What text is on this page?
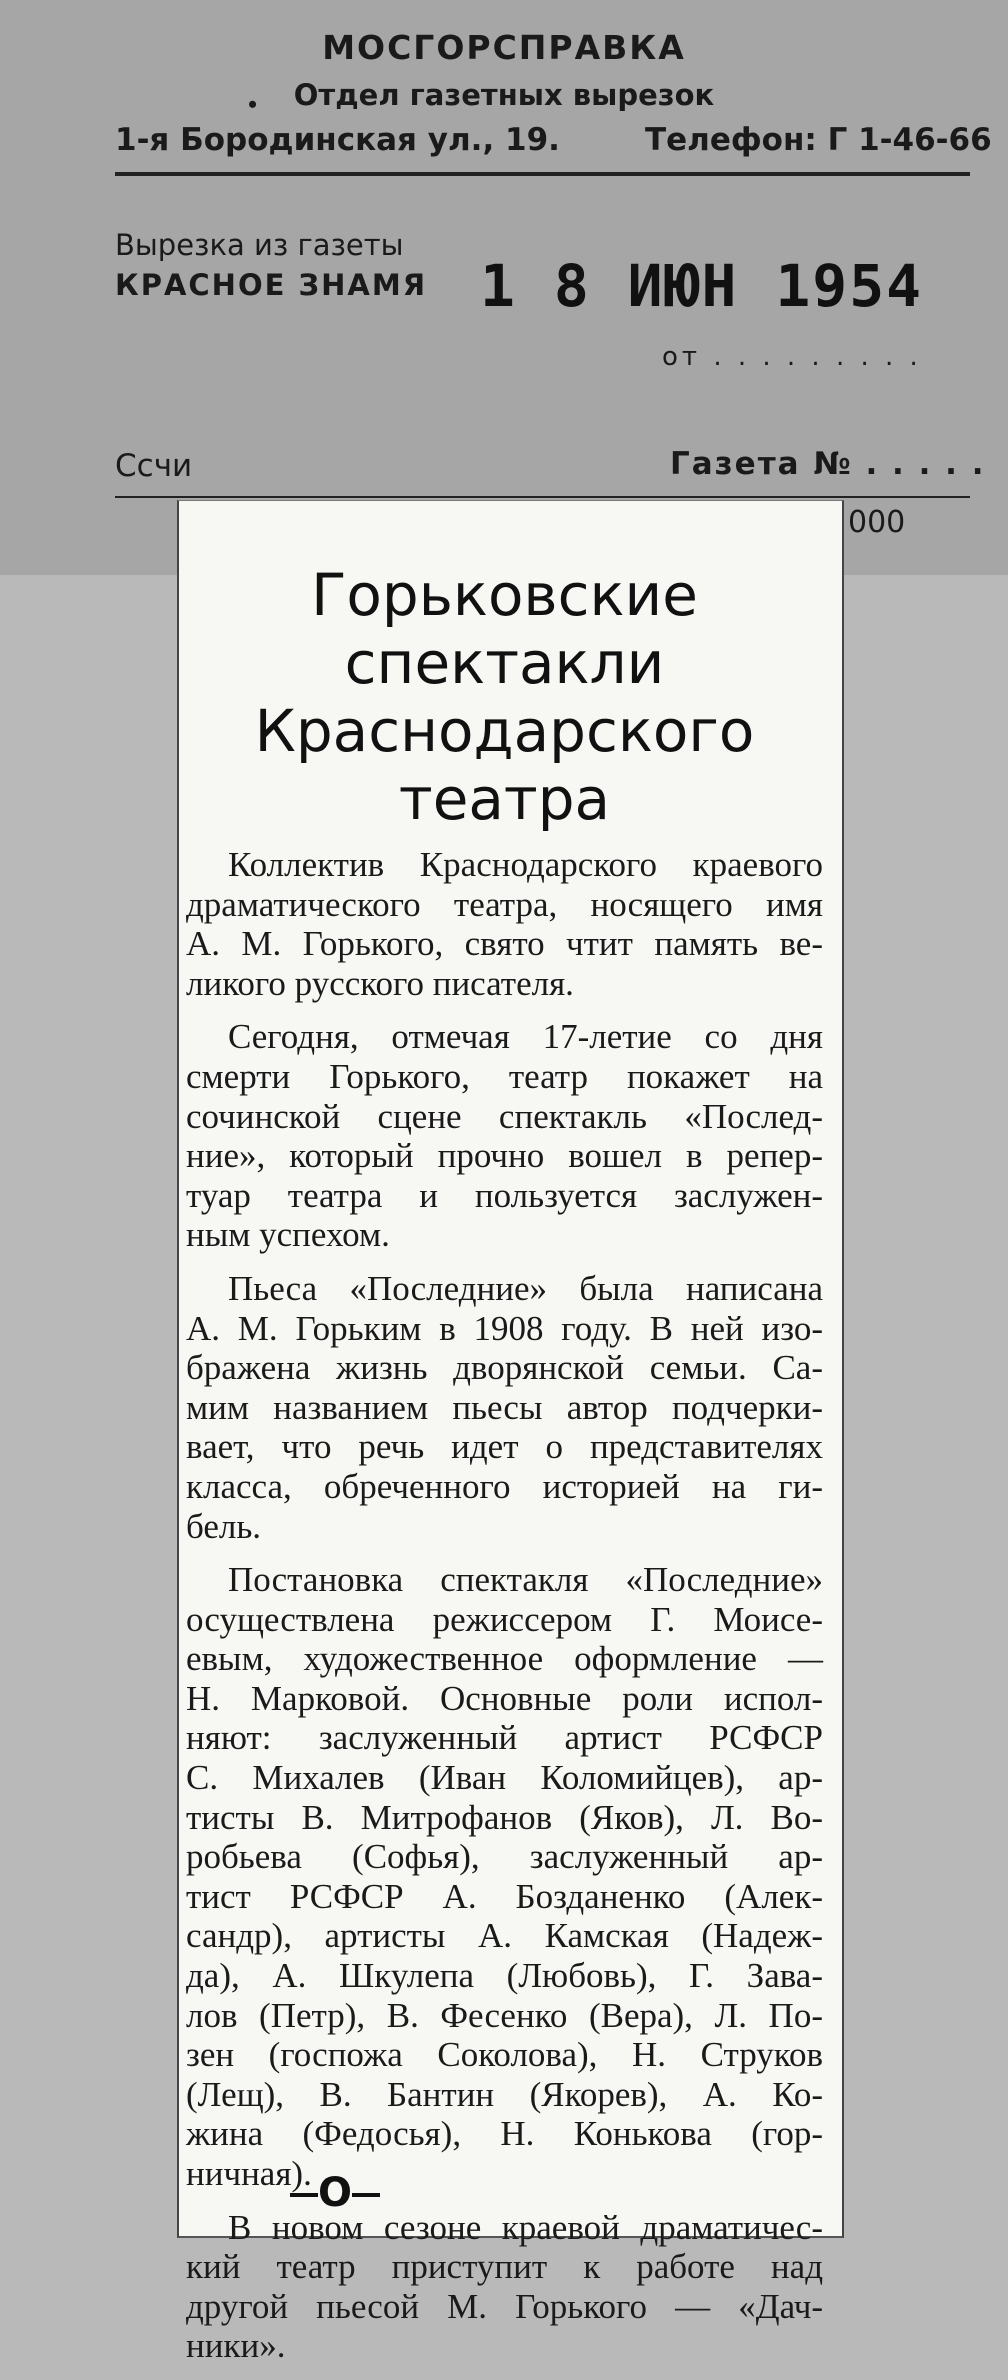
МОСГОРСПРАВКА
•	Отдел газетных вырезок
1-я Бородинская ул., 19.	Телефон: Г 1-46-66
Вырезка из газеты
КРАСНОЕ ЗНАМЯ 1 8 ИЮН 1954
от . . . . . . . . .
Ссчи	Газета № . . . . .
000
Горьковские
спектакли
Краснодарского
театра
Коллектив Краснодарского краевого
драматического театра, носящего имя
А. М. Горького, свято чтит память ве-
ликого русского писателя.
Сегодня, отмечая 17-летие со дня
смерти Горького, театр покажет на
сочинской сцене спектакль «Послед-
ние», который прочно вошел в репер-
туар театра и пользуется заслужен-
ным успехом.
Пьеса «Последние» была написана
А. М. Горьким в 1908 году. В ней изо-
бражена жизнь дворянской семьи. Са-
мим названием пьесы автор подчерки-
вает, что речь идет о представителях
класса, обреченного историей на ги-
бель.
Постановка спектакля «Последние»
осуществлена режиссером Г. Моисе-
евым, художественное оформление —
Н. Марковой. Основные роли испол-
няют: заслуженный артист РСФСР
С. Михалев (Иван Коломийцев), ар-
тисты В. Митрофанов (Яков), Л. Во-
робьева (Софья), заслуженный ар-
тист РСФСР А. Бозданенко (Алек-
сандр), артисты А. Камская (Надеж-
да), А. Шкулепа (Любовь), Г. Зава-
лов (Петр), В. Фесенко (Вера), Л. По-
зен (госпожа Соколова), Н. Струков
(Лещ), В. Бантин (Якорев), А. Ко-
жина (Федосья), Н. Конькова (гор-
ничная).
В новом сезоне краевой драматичес-
кий театр приступит к работе над
другой пьесой М. Горького — «Дач-
ники».
O
